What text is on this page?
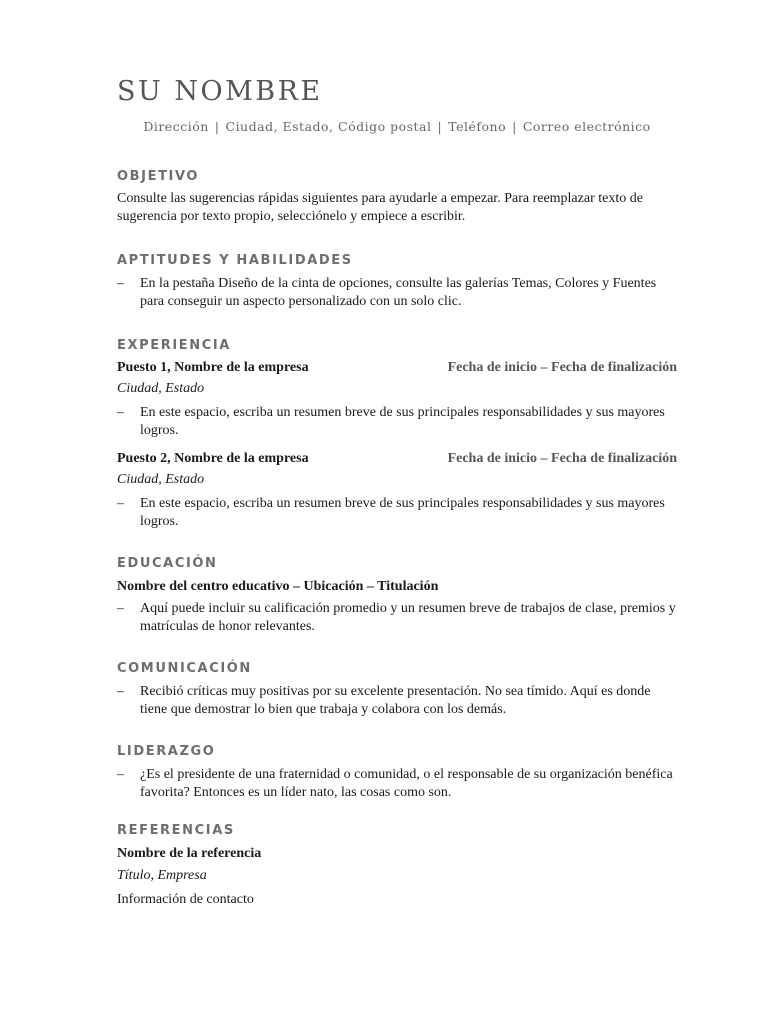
SU NOMBRE
Dirección | Ciudad, Estado, Código postal | Teléfono | Correo electrónico
OBJETIVO

Consulte las sugerencias rápidas siguientes para ayudarle a empezar. Para reemplazar texto de sugerencia por texto propio, selecciónelo y empiece a escribir.

APTITUDES Y HABILIDADES
– En la pestaña Diseño de la cinta de opciones, consulte las galerías Temas, Colores y Fuentes para conseguir un aspecto personalizado con un solo clic.
EXPERIENCIA
Puesto 1, Nombre de la empresa	Fecha de inicio – Fecha de finalización

Ciudad, Estado

– En este espacio, escriba un resumen breve de sus principales responsabilidades y sus mayores logros.
Puesto 2, Nombre de la empresa	Fecha de inicio – Fecha de finalización

Ciudad, Estado

– En este espacio, escriba un resumen breve de sus principales responsabilidades y sus mayores logros.
EDUCACIÓN

Nombre del centro educativo – Ubicación – Titulación

– Aquí puede incluir su calificación promedio y un resumen breve de trabajos de clase, premios y matrículas de honor relevantes.
COMUNICACIÓN
– Recibió críticas muy positivas por su excelente presentación. No sea tímido. Aquí es donde tiene que demostrar lo bien que trabaja y colabora con los demás.
LIDERAZGO
– ¿Es el presidente de una fraternidad o comunidad, o el responsable de su organización benéfica favorita? Entonces es un líder nato, las cosas como son.
REFERENCIAS

Nombre de la referencia

Título, Empresa

Información de contacto
